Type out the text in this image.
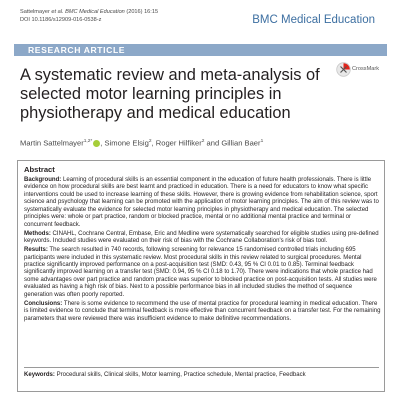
Sattelmayer et al. BMC Medical Education (2016) 16:15
DOI 10.1186/s12909-016-0538-z	BMC Medical Education
RESEARCH ARTICLE
A systematic review and meta-analysis of selected motor learning principles in physiotherapy and medical education
CrossMark
Martin Sattelmayer$^{1,2*}$ , Simone Elsig$^2$, Roger Hilfiker$^2$ and Gillian Baer$^1$
Abstract

Background: Learning of procedural skills is an essential component in the education of future health professionals. There is little evidence on how procedural skills are best learnt and practiced in education. There is a need for educators to know what specific interventions could be used to increase learning of these skills. However, there is growing evidence from rehabilitation science, sport science and psychology that learning can be promoted with the application of motor learning principles. The aim of this review was to systematically evaluate the evidence for selected motor learning principles in physiotherapy and medical education. The selected principles were: whole or part practice, random or blocked practice, mental or no additional mental practice and terminal or concurrent feedback.

Methods: CINAHL, Cochrane Central, Embase, Eric and Medline were systematically searched for eligible studies using pre-defined keywords. Included studies were evaluated on their risk of bias with the Cochrane Collaboration's risk of bias tool.

Results: The search resulted in 740 records, following screening for relevance 15 randomised controlled trials including 695 participants were included in this systematic review. Most procedural skills in this review related to surgical procedures. Mental practice significantly improved performance on a post-acquisition test (SMD: 0.43, 95 % CI 0.01 to 0.85). Terminal feedback significantly improved learning on a transfer test (SMD: 0.94, 95 % CI 0.18 to 1.70). There were indications that whole practice had some advantages over part practice and random practice was superior to blocked practice on post-acquisition tests. All studies were evaluated as having a high risk of bias. Next to a possible performance bias in all included studies the method of sequence generation was often poorly reported.

Conclusions: There is some evidence to recommend the use of mental practice for procedural learning in medical education. There is limited evidence to conclude that terminal feedback is more effective than concurrent feedback on a transfer test. For the remaining parameters that were reviewed there was insufficient evidence to make definitive recommendations.

Keywords: Procedural skills, Clinical skills, Motor learning, Practice schedule, Mental practice, Feedback
